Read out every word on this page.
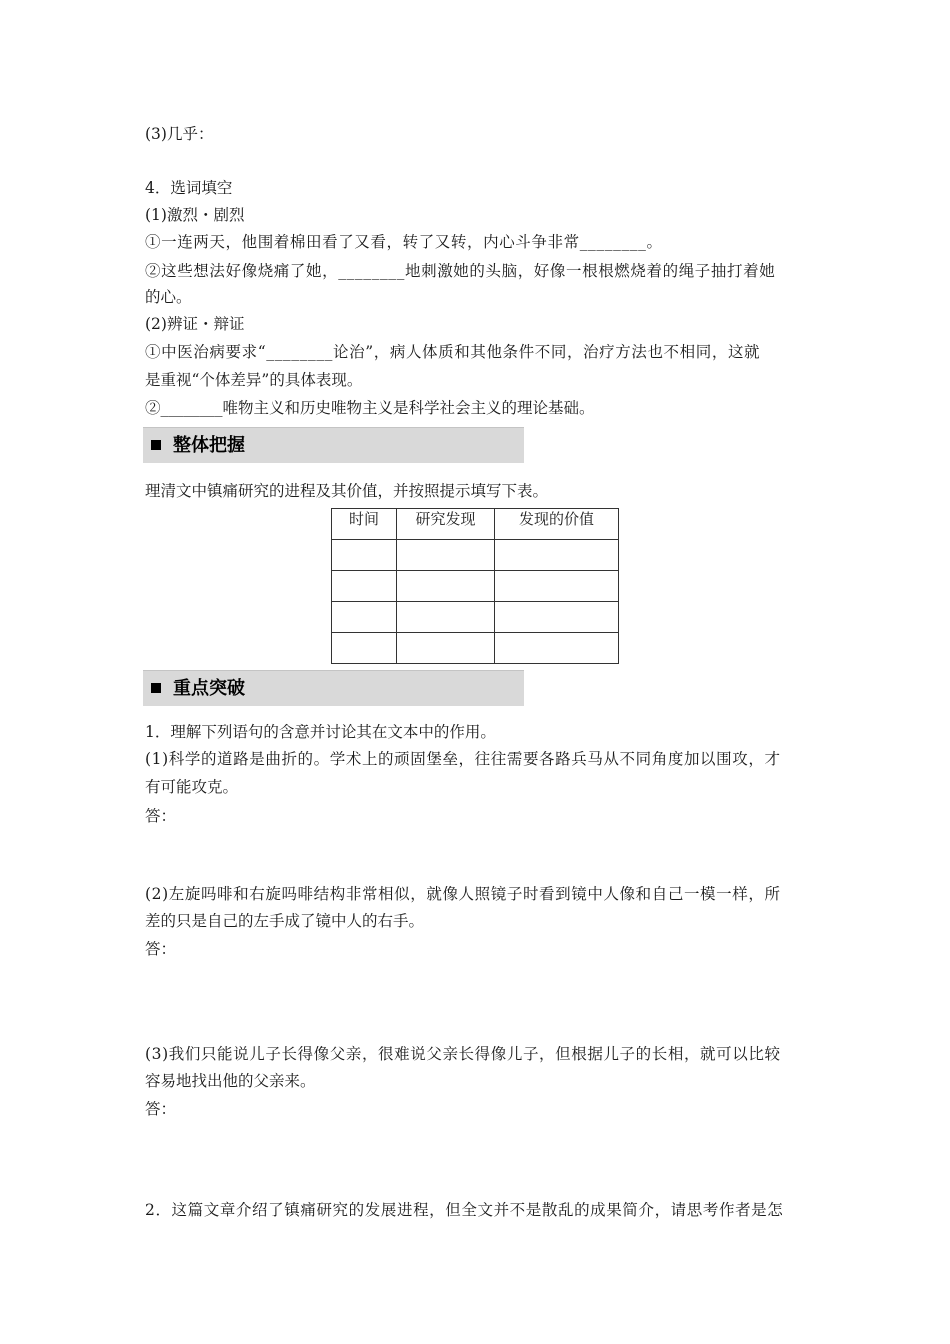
(3)几乎：
4．选词填空
(1)激烈・剧烈
①一连两天，他围着棉田看了又看，转了又转，内心斗争非常________。
②这些想法好像烧痛了她，________地刺激她的头脑，好像一根根燃烧着的绳子抽打着她
的心。
(2)辨证・辩证
①中医治病要求“________论治”，病人体质和其他条件不同，治疗方法也不相同，这就
是重视“个体差异”的具体表现。
②________唯物主义和历史唯物主义是科学社会主义的理论基础。
整体把握
理清文中镇痛研究的进程及其价值，并按照提示填写下表。
时间	研究发现	发现的价值

重点突破
1．理解下列语句的含意并讨论其在文本中的作用。
(1)科学的道路是曲折的。学术上的顽固堡垒，往往需要各路兵马从不同角度加以围攻，才
有可能攻克。
答：
(2)左旋吗啡和右旋吗啡结构非常相似，就像人照镜子时看到镜中人像和自己一模一样，所
差的只是自己的左手成了镜中人的右手。
答：
(3)我们只能说儿子长得像父亲，很难说父亲长得像儿子，但根据儿子的长相，就可以比较
容易地找出他的父亲来。
答：
2．这篇文章介绍了镇痛研究的发展进程，但全文并不是散乱的成果简介，请思考作者是怎
